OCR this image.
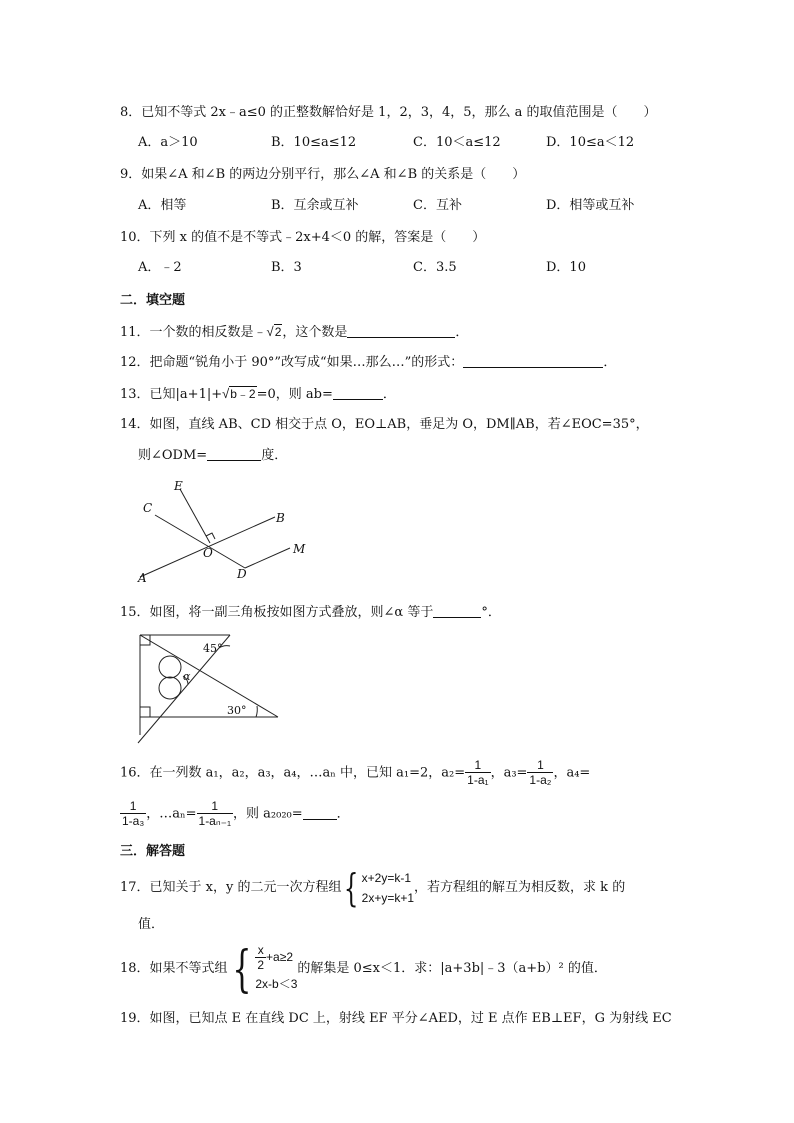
8．已知不等式 2x﹣a≤0 的正整数解恰好是 1，2，3，4，5，那么 a 的取值范围是（　　）
A．a＞10	B．10≤a≤12	C．10＜a≤12	D．10≤a＜12
9．如果∠A 和∠B 的两边分别平行，那么∠A 和∠B 的关系是（　　）
A．相等	B．互余或互补	C．互补	D．相等或互补
10．下列 x 的值不是不等式﹣2x+4＜0 的解，答案是（　　）
A．﹣2	B．3	C．3.5	D．10
二．填空题
11．一个数的相反数是﹣√2，这个数是	．
12．把命题“锐角小于 90°”改写成“如果…那么…”的形式：	．
13．已知|a+1|+√b﹣2=0，则 ab=	．
14．如图，直线 AB、CD 相交于点 O，EO⊥AB，垂足为 O，DM∥AB，若∠EOC=35°，
则∠ODM=	度．
E
C
B
O	M
A	D
15．如图，将一副三角板按如图方式叠放，则∠α 等于	°．
45°
α
30°
16．在一列数 a₁，a₂，a₃，a₄，…aₙ 中，已知 a₁=2，$a_2= \frac{1}{\text{1-a₁}}$ ，$a_3= \frac{1}{\text{1-a₂}}$ ，a₄=
$\frac{1}{\text{1-a₃}}$ ，…aₙ= $\frac{1}{\text{1-aₙ₋₁}}$ ，则 a₂₀₂₀=	．
三．解答题
17．已知关于 x，y 的二元一次方程组{ x+2y=k-1
2x+y=k+1
，若方程组的解互为相反数，求 k 的
值．
18．如果不等式组{ $\frac{x}{2} +a\ge 2$
2x-b＜3
的解集是 0≤x＜1．求：|a+3b|﹣3（a+b）² 的值．
19．如图，已知点 E 在直线 DC 上，射线 EF 平分∠AED，过 E 点作 EB⊥EF，G 为射线 EC
